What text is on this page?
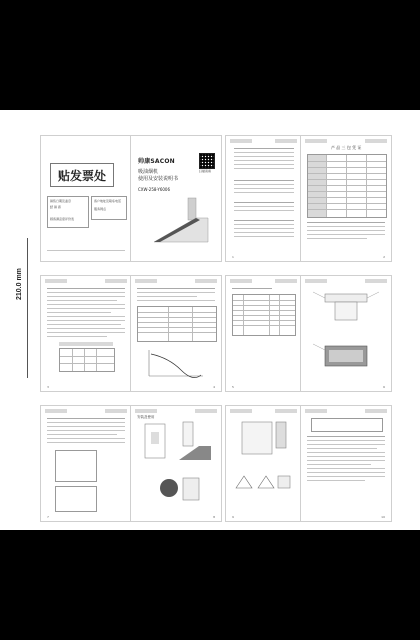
210.0 mm
贴发票处
销售日期及盖章
经 销 商
顾客满意度评价表
客户地址及联系电话
服务网点
帅康SACON
吸油烟机
使用及安装说明书
CXW-258-Y6006
扫描查看
1
产 品 三 包 凭 证
2
3	4	5	6
7
安装及使用
8	9	10
